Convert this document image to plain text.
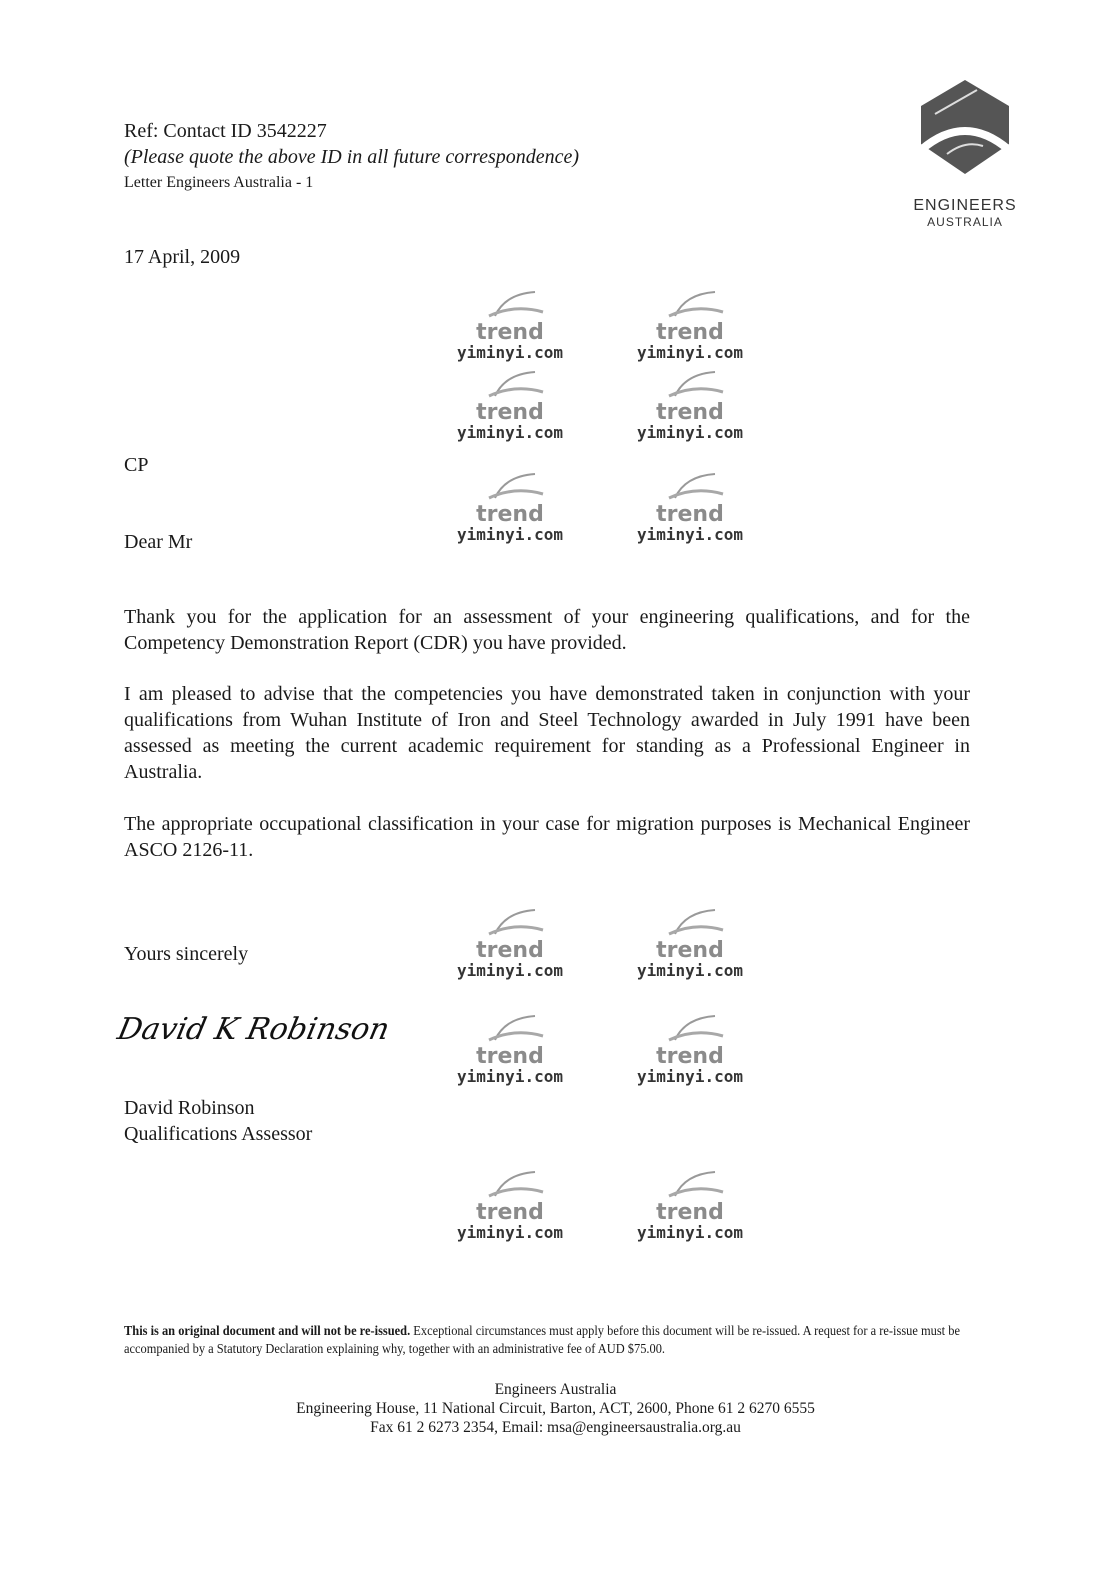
Ref: Contact ID 3542227
(Please quote the above ID in all future correspondence)
Letter Engineers Australia - 1
ENGINEERS
AUSTRALIA
17 April, 2009
CP
Dear Mr
Thank you for the application for an assessment of your engineering qualifications, and for the Competency Demonstration Report (CDR) you have provided.
I am pleased to advise that the competencies you have demonstrated taken in conjunction with your qualifications from Wuhan Institute of Iron and Steel Technology awarded in July 1991 have been assessed as meeting the current academic requirement for standing as a Professional Engineer in Australia.
The appropriate occupational classification in your case for migration purposes is Mechanical Engineer ASCO 2126-11.
Yours sincerely
David K Robinson
David Robinson
Qualifications Assessor
This is an original document and will not be re-issued. Exceptional circumstances must apply before this document will be re-issued. A request for a re-issue must be accompanied by a Statutory Declaration explaining why, together with an administrative fee of AUD $75.00.
Engineers Australia
Engineering House, 11 National Circuit, Barton, ACT, 2600, Phone 61 2 6270 6555
Fax 61 2 6273 2354, Email: msa@engineersaustralia.org.au
trend
yiminyi.com
trend
yiminyi.com
trend
yiminyi.com
trend
yiminyi.com
trend
yiminyi.com
trend
yiminyi.com
trend
yiminyi.com
trend
yiminyi.com
trend
yiminyi.com
trend
yiminyi.com
trend
yiminyi.com
trend
yiminyi.com
